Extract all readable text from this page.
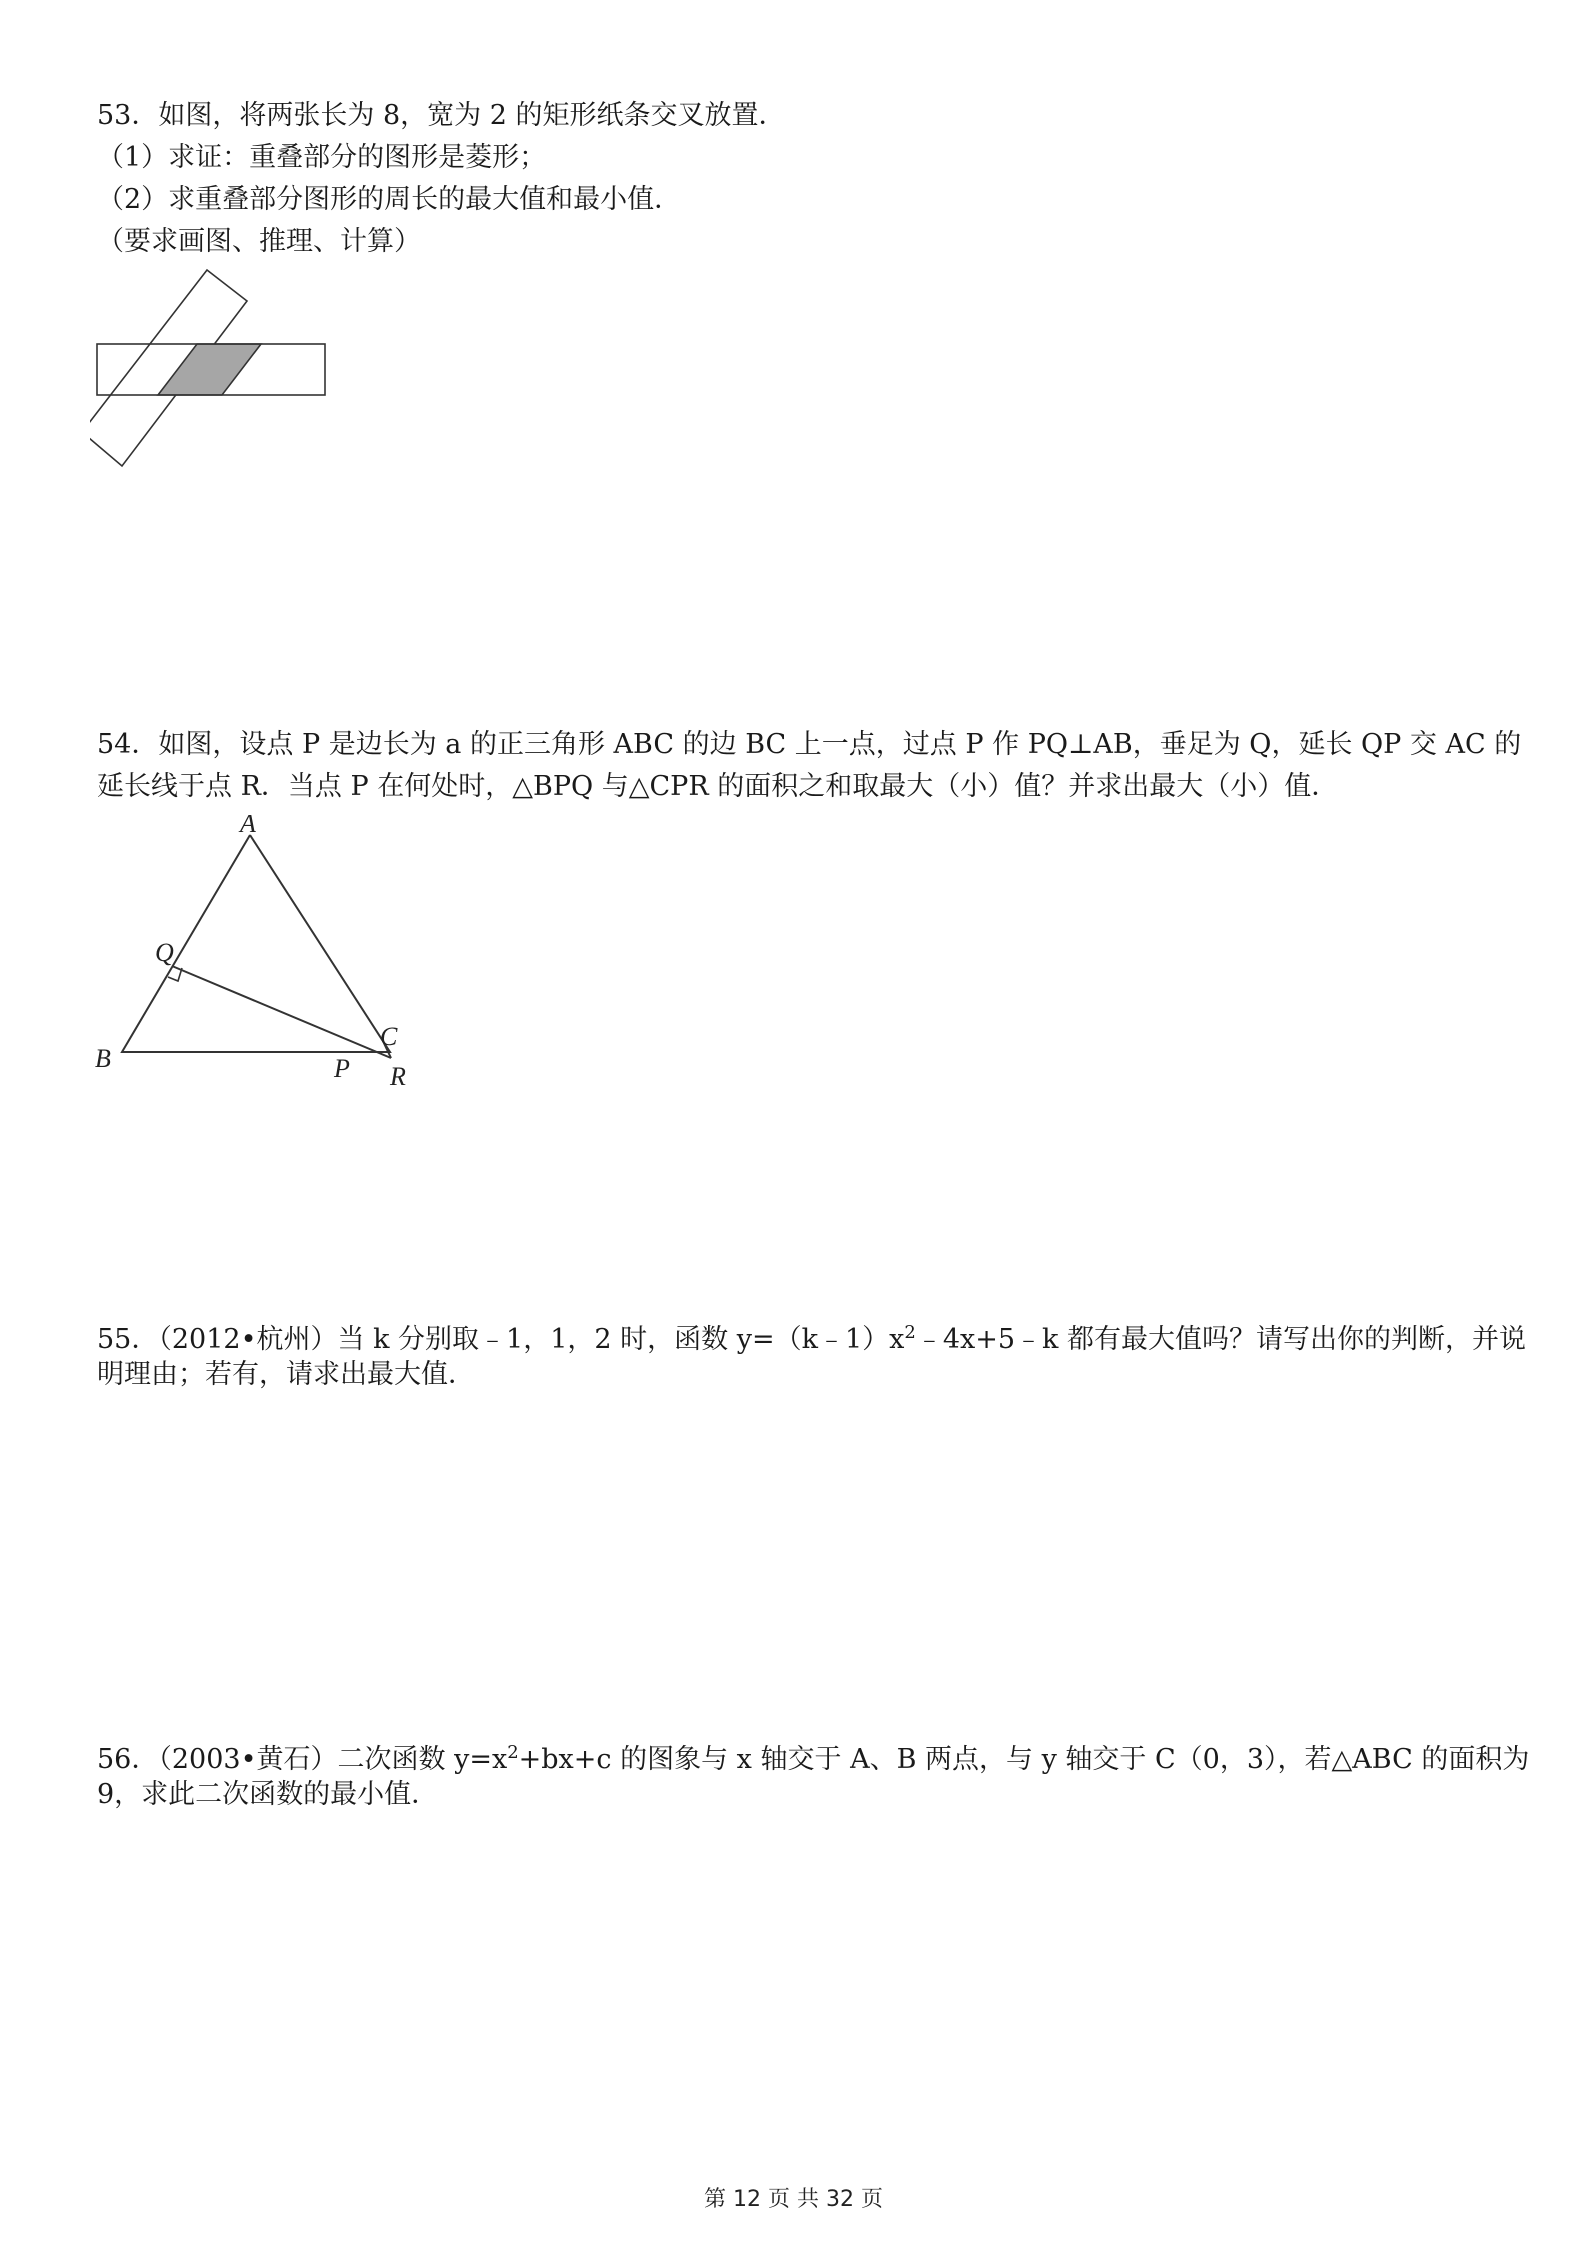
53．如图，将两张长为 8，宽为 2 的矩形纸条交叉放置．
（1）求证：重叠部分的图形是菱形；
（2）求重叠部分图形的周长的最大值和最小值．
（要求画图、推理、计算）
54．如图，设点 P 是边长为 a 的正三角形 ABC 的边 BC 上一点，过点 P 作 PQ⊥AB，垂足为 Q，延长 QP 交 AC 的
延长线于点 R．当点 P 在何处时，△BPQ 与△CPR 的面积之和取最大（小）值？并求出最大（小）值．
A
Q
B	P
C
R
55．（2012•杭州）当 k 分别取﹣1，1，2 时，函数 $y=(k﹣1)x^2﹣4x+5﹣k$ 都有最大值吗？请写出你的判断，并说
明理由；若有，请求出最大值．
56．（2003•黄石）二次函数 $y=x^2+bx+c$ 的图象与 x 轴交于 A、B 两点，与 y 轴交于 C（0，3），若△ABC 的面积为
9，求此二次函数的最小值．
第 12 页 共 32 页
